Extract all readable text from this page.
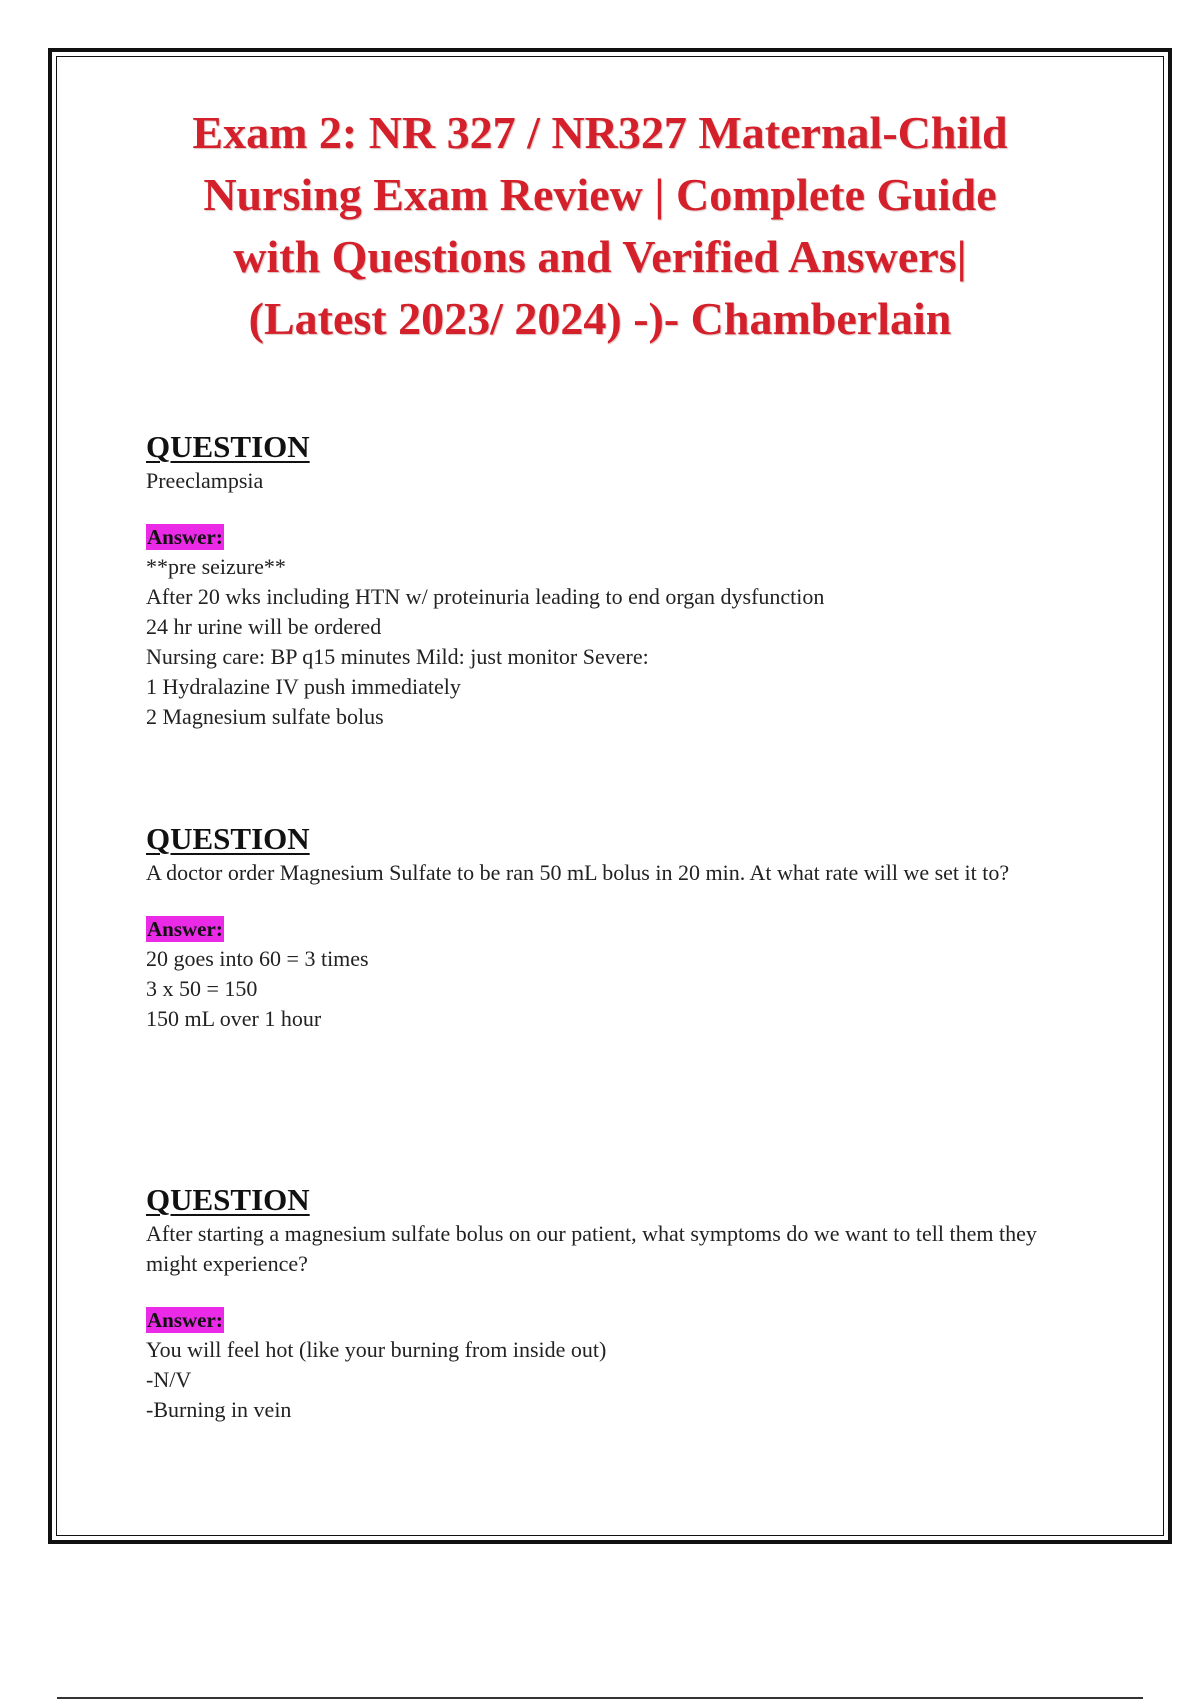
Exam 2: NR 327 / NR327 Maternal-Child
Nursing Exam Review | Complete Guide
with Questions and Verified Answers|
(Latest 2023/ 2024) -)- Chamberlain
QUESTION

Preeclampsia

Answer:
**pre seizure**
After 20 wks including HTN w/ proteinuria leading to end organ dysfunction
24 hr urine will be ordered
Nursing care: BP q15 minutes Mild: just monitor Severe:
1 Hydralazine IV push immediately
2 Magnesium sulfate bolus
QUESTION

A doctor order Magnesium Sulfate to be ran 50 mL bolus in 20 min. At what rate will we set it to?

Answer:
20 goes into 60 = 3 times
3 x 50 = 150
150 mL over 1 hour
QUESTION

After starting a magnesium sulfate bolus on our patient, what symptoms do we want to tell them they might experience?

Answer:
You will feel hot (like your burning from inside out)
-N/V
-Burning in vein
